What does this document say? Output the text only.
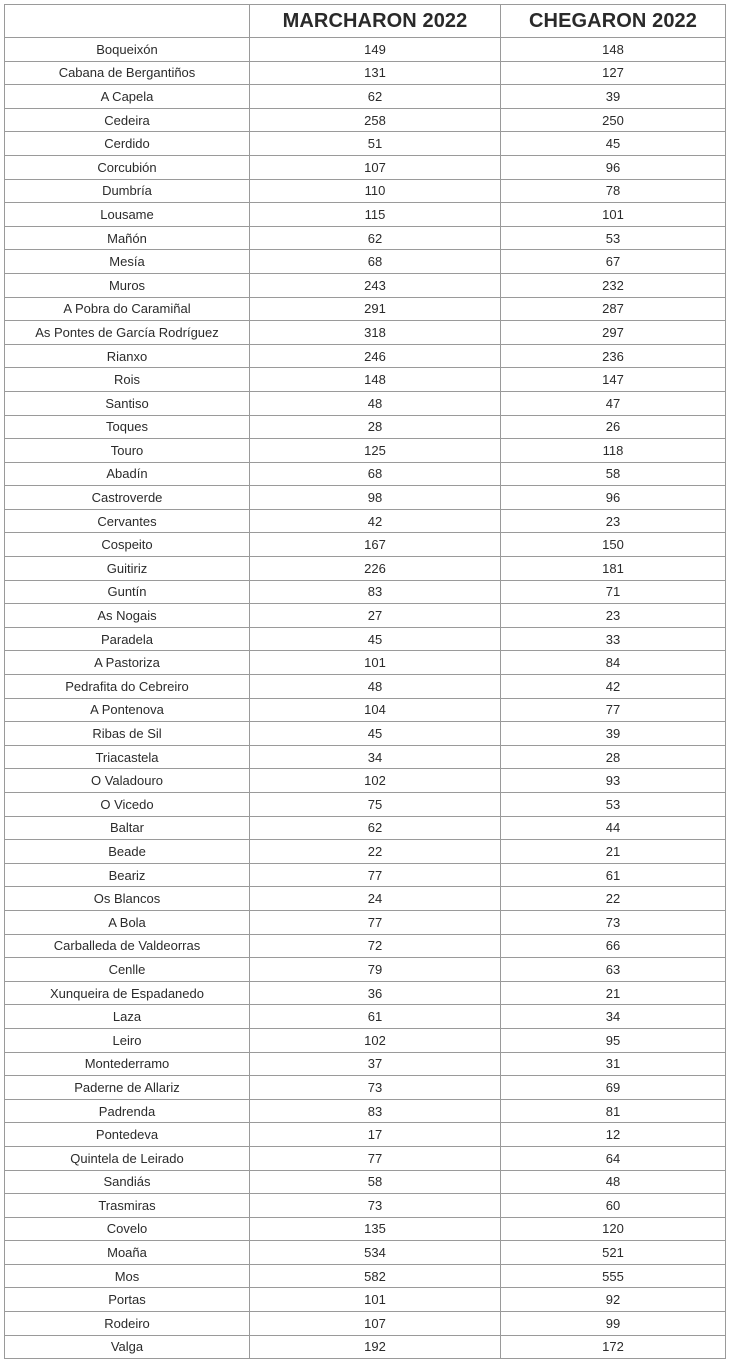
	MARCHARON 2022	CHEGARON 2022
Boqueixón	149	148
Cabana de Bergantiños	131	127
A Capela	62	39
Cedeira	258	250
Cerdido	51	45
Corcubión	107	96
Dumbría	110	78
Lousame	115	101
Mañón	62	53
Mesía	68	67
Muros	243	232
A Pobra do Caramiñal	291	287
As Pontes de García Rodríguez	318	297
Rianxo	246	236
Rois	148	147
Santiso	48	47
Toques	28	26
Touro	125	118
Abadín	68	58
Castroverde	98	96
Cervantes	42	23
Cospeito	167	150
Guitiriz	226	181
Guntín	83	71
As Nogais	27	23
Paradela	45	33
A Pastoriza	101	84
Pedrafita do Cebreiro	48	42
A Pontenova	104	77
Ribas de Sil	45	39
Triacastela	34	28
O Valadouro	102	93
O Vicedo	75	53
Baltar	62	44
Beade	22	21
Beariz	77	61
Os Blancos	24	22
A Bola	77	73
Carballeda de Valdeorras	72	66
Cenlle	79	63
Xunqueira de Espadanedo	36	21
Laza	61	34
Leiro	102	95
Montederramo	37	31
Paderne de Allariz	73	69
Padrenda	83	81
Pontedeva	17	12
Quintela de Leirado	77	64
Sandiás	58	48
Trasmiras	73	60
Covelo	135	120
Moaña	534	521
Mos	582	555
Portas	101	92
Rodeiro	107	99
Valga	192	172
